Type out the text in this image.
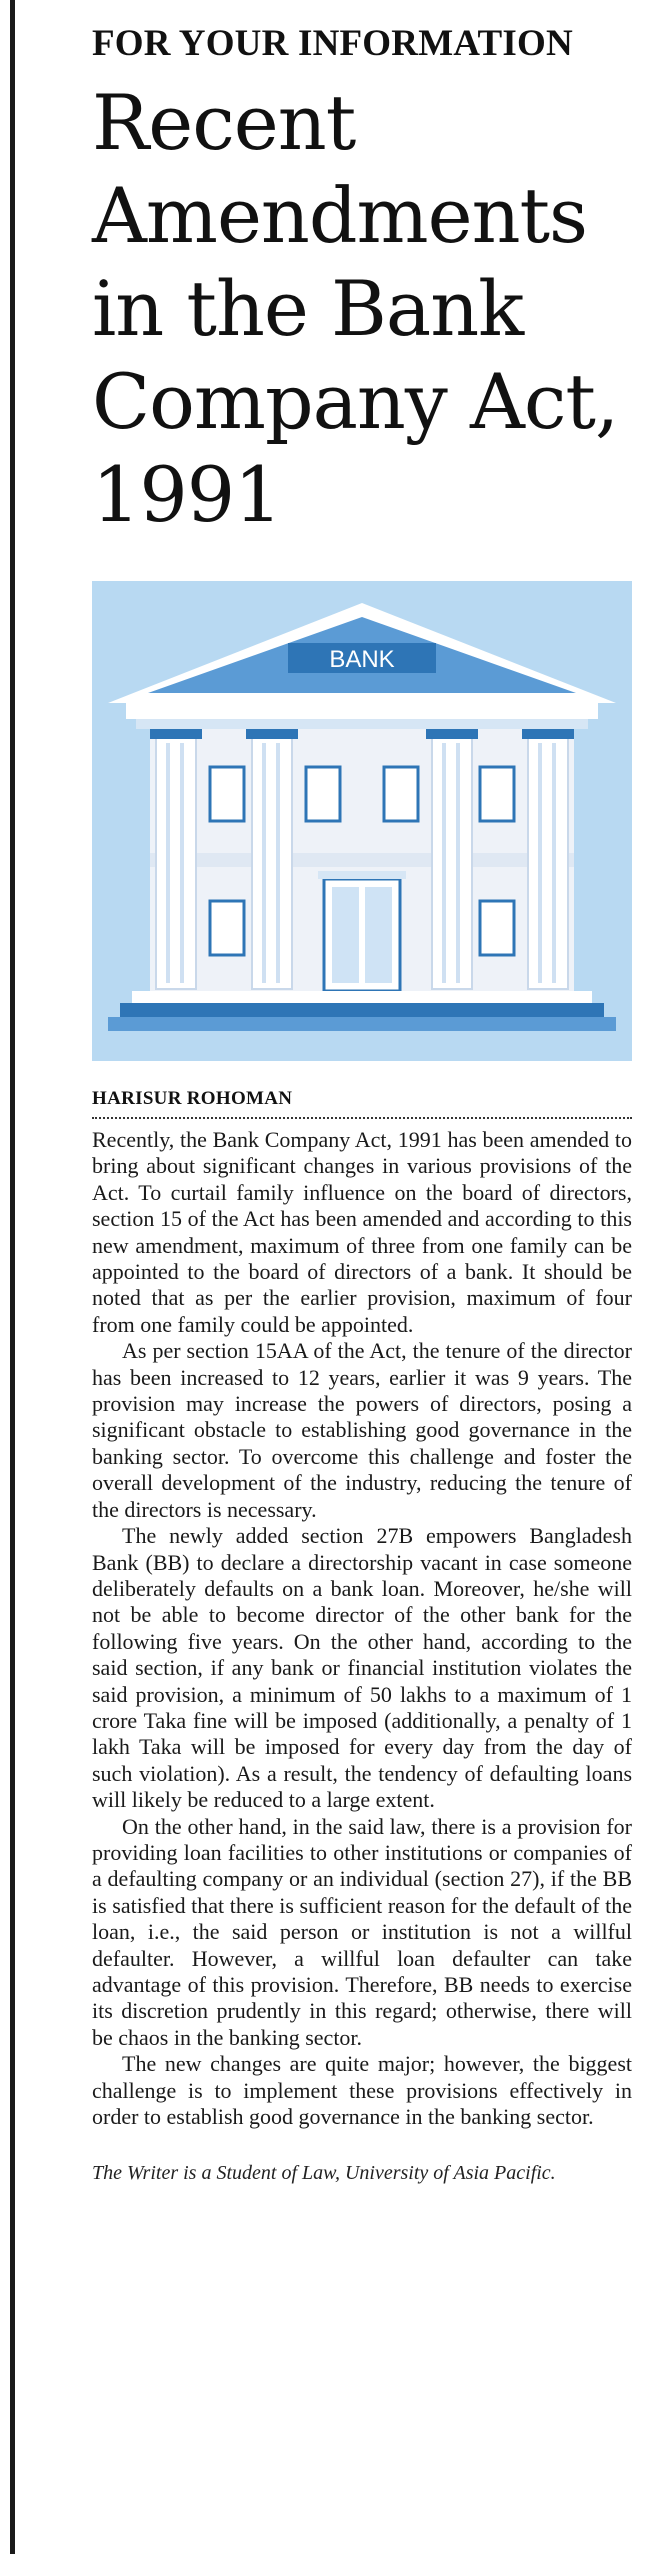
FOR YOUR INFORMATION
Recent Amendments in the Bank Company Act, 1991
BANK
HARISUR ROHOMAN

Recently, the Bank Company Act, 1991 has been amended to bring about significant changes in various provisions of the Act. To curtail family influence on the board of directors, section 15 of the Act has been amended and according to this new amendment, maximum of three from one family can be appointed to the board of directors of a bank. It should be noted that as per the earlier provision, maximum of four from one family could be appointed.

As per section 15AA of the Act, the tenure of the director has been increased to 12 years, earlier it was 9 years. The provision may increase the powers of directors, posing a significant obstacle to establishing good governance in the banking sector. To overcome this challenge and foster the overall development of the industry, reducing the tenure of the directors is necessary.

The newly added section 27B empowers Bangladesh Bank (BB) to declare a directorship vacant in case someone deliberately defaults on a bank loan. Moreover, he/she will not be able to become director of the other bank for the following five years. On the other hand, according to the said section, if any bank or financial institution violates the said provision, a minimum of 50 lakhs to a maximum of 1 crore Taka fine will be imposed (additionally, a penalty of 1 lakh Taka will be imposed for every day from the day of such violation). As a result, the tendency of defaulting loans will likely be reduced to a large extent.

On the other hand, in the said law, there is a provision for providing loan facilities to other institutions or companies of a defaulting company or an individual (section 27), if the BB is satisfied that there is sufficient reason for the default of the loan, i.e., the said person or institution is not a willful defaulter. However, a willful loan defaulter can take advantage of this provision. Therefore, BB needs to exercise its discretion prudently in this regard; otherwise, there will be chaos in the banking sector.

The new changes are quite major; however, the biggest challenge is to implement these provisions effectively in order to establish good governance in the banking sector.

The Writer is a Student of Law, University of Asia Pacific.
